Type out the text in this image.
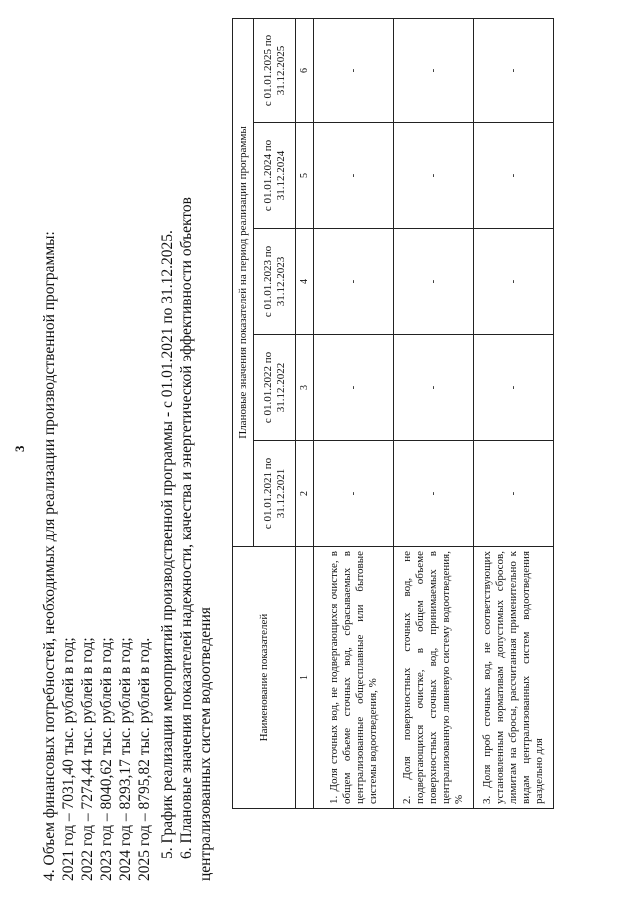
3 4. Объем финансовых потребностей, необходимых для реализации производственной программы: 2021 год – 7031,40 тыс. рублей в год; 2022 год – 7274,44 тыс. рублей в год; 2023 год – 8040,62 тыс. рублей в год; 2024 год – 8293,17 тыс. рублей в год; 2025 год – 8795,82 тыс. рублей в год. 5. График реализации мероприятий производственной программы - с 01.01.2021 по 31.12.2025. 6. Плановые значения показателей надежности, качества и энергетической эффективности объектов централизованных систем водоотведения	Наименование показателей	Плановые значения показателей на период реализации программы				
	с 01.01.2021 по 31.12.2021	с 01.01.2022 по 31.12.2022	с 01.01.2023 по 31.12.2023	с 01.01.2024 по 31.12.2024	с 01.01.2025 по 31.12.2025
1	2	3	4	5	6
1. Доля сточных вод, не подвергающихся очистке, в общем объеме сточных вод, сбрасываемых в централизованные общесплавные или бытовые системы водоотведения, %	-	-	-	-	-
2. Доля поверхностных сточных вод, не подвергающихся очистке, в общем объеме поверхностных сточных вод, принимаемых в централизованную ливневую систему водоотведения, %	-	-	-	-	-
3. Доля проб сточных вод, не соответствующих установленным нормативам допустимых сбросов, лимитам на сбросы, рассчитанная применительно к видам централизованных систем водоотведения раздельно для	-	-	-	-	-
